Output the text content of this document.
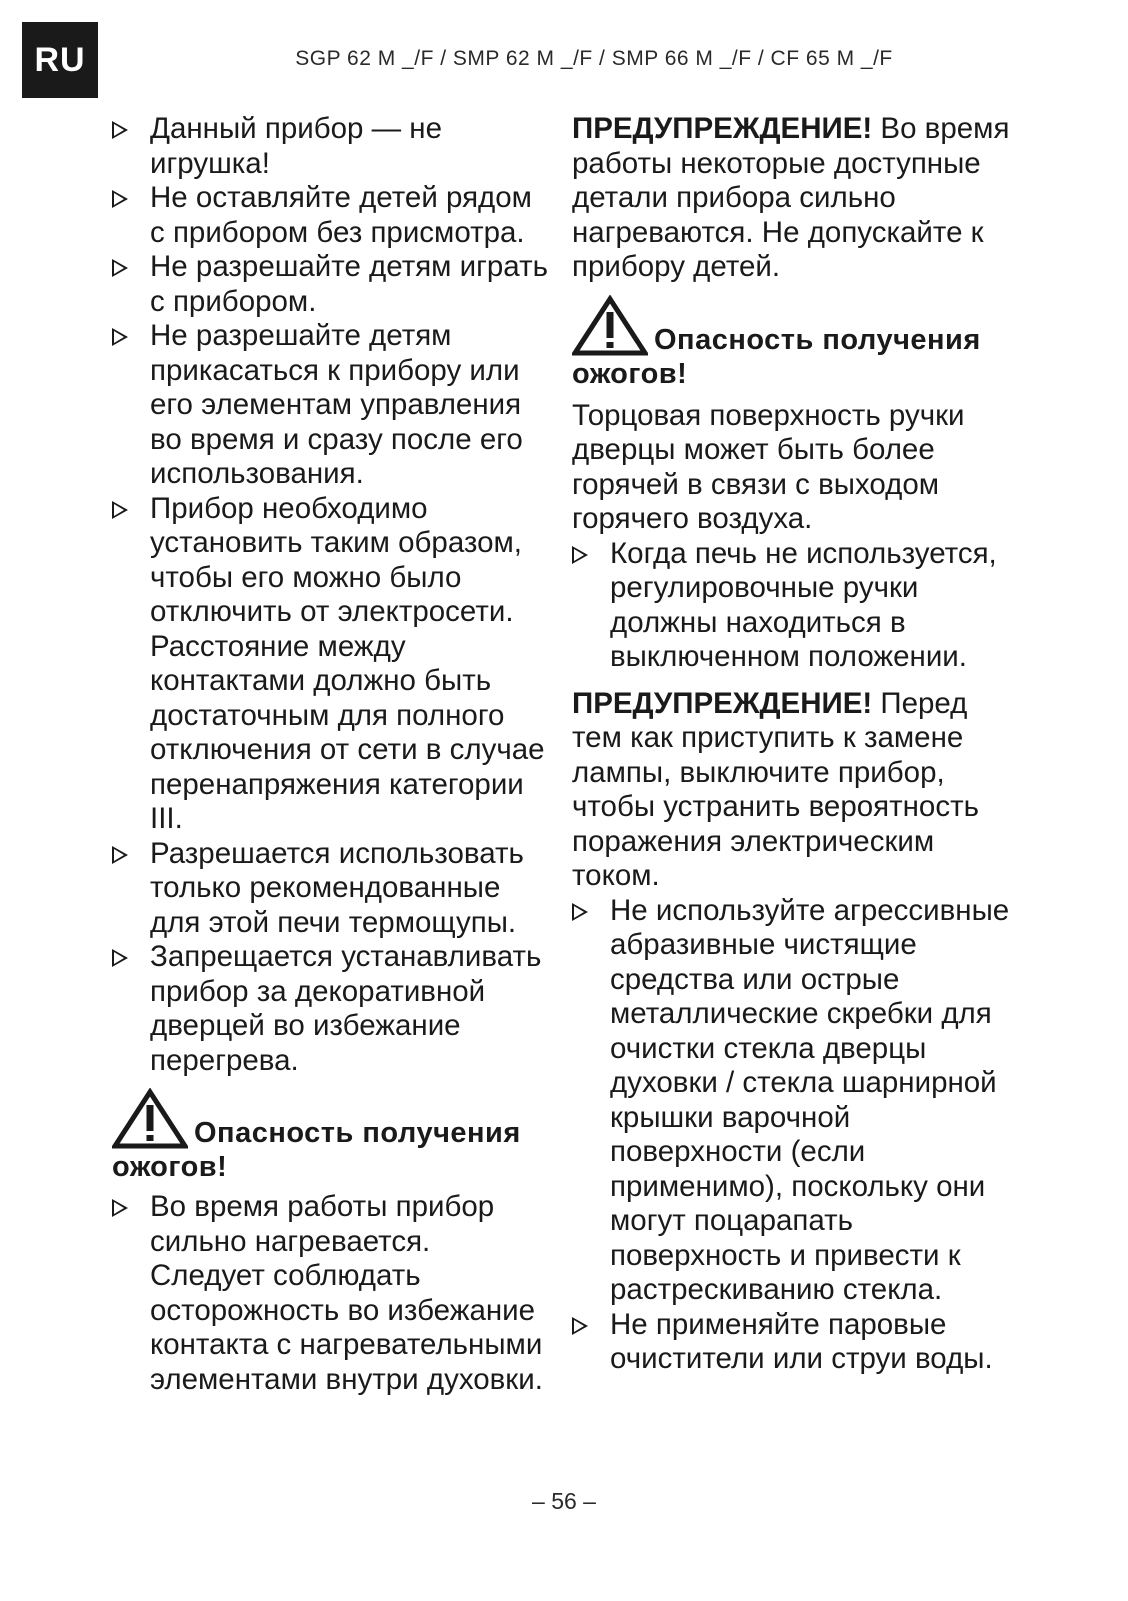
RU	SGP 62 M _/F / SMP 62 M _/F / SMP 66 M _/F / CF 65 M _/F
Данный прибор — не игрушка!
Не оставляйте детей рядом с прибором без присмотра.
Не разрешайте детям играть с прибором.
Не разрешайте детям прикасаться к прибору или его элементам управления во время и сразу после его использования.
Прибор необходимо установить таким образом, чтобы его можно было отключить от электросети. Расстояние между контактами должно быть достаточным для полного отключения от сети в случае перенапряжения категории III.
Разрешается использовать только рекомендованные для этой печи термощупы.
Запрещается устанавливать прибор за декоративной дверцей во избежание перегрева.
Опасность получения
ожогов!
Во время работы прибор сильно нагревается. Следует соблюдать осторожность во избежание контакта с нагревательными элементами внутри духовки.

ПРЕДУПРЕЖДЕНИЕ! Во время работы некоторые доступные детали прибора сильно нагреваются. Не допускайте к прибору детей.

Опасность получения
ожогов!

Торцовая поверхность ручки дверцы может быть более горячей в связи с выходом горячего воздуха.

Когда печь не используется, регулировочные ручки должны находиться в выключенном положении.

ПРЕДУПРЕЖДЕНИЕ! Перед тем как приступить к замене лампы, выключите прибор, чтобы устранить вероятность поражения электрическим током.

Не используйте агрессивные абразивные чистящие средства или острые металлические скребки для очистки стекла дверцы духовки / стекла шарнирной крышки варочной поверхности (если применимо), поскольку они могут поцарапать поверхность и привести к растрескиванию стекла.
Не применяйте паровые очистители или струи воды.
– 56 –
